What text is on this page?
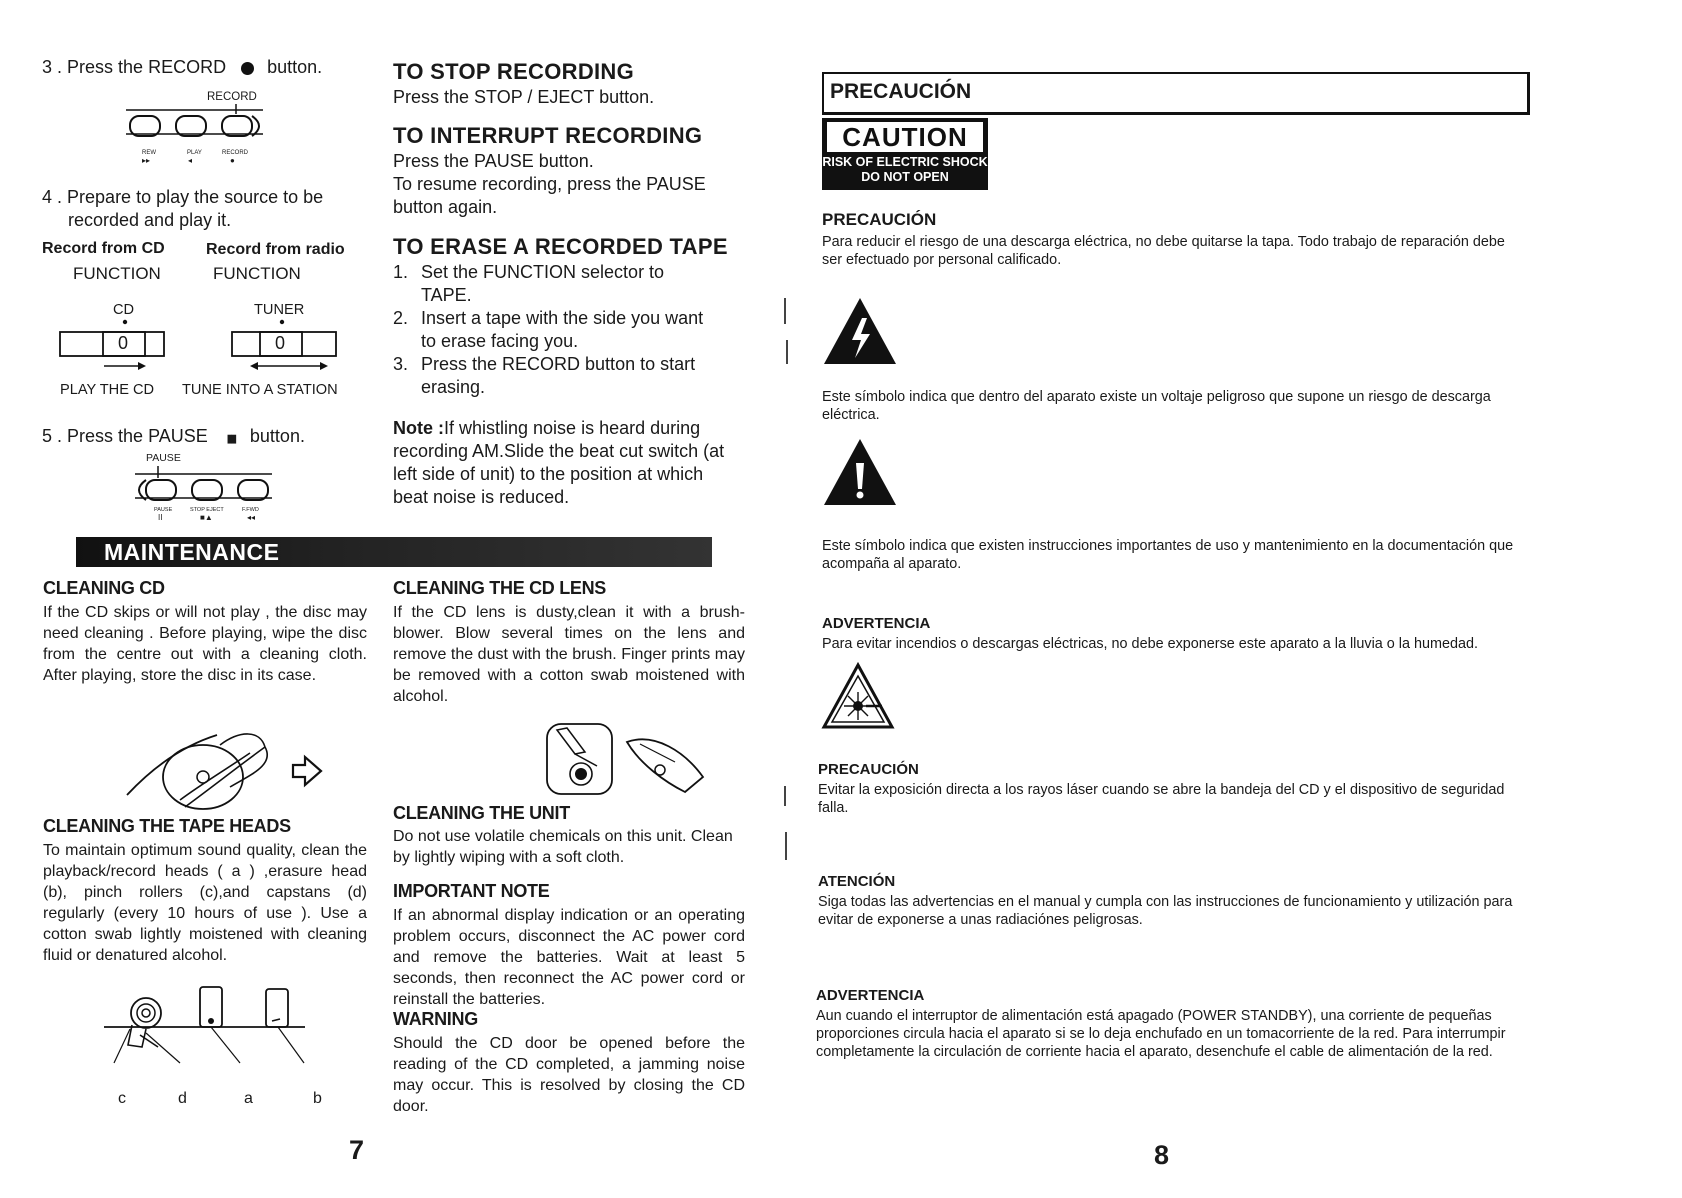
3 . Press the RECORD button.
RECORD
REW	PLAY	RECORD
▸▸	◂	●
4 . Prepare to play the source to be
recorded and play it.
Record from CD	Record from radio
FUNCTION	FUNCTION
CD	TUNER
0	0
PLAY THE CD TUNE INTO A STATION
5 . Press the PAUSE ▮▮ button.
PAUSE
PAUSE	STOP EJECT	F.FWD
II	■▲	◂◂
TO STOP RECORDING
Press the STOP / EJECT button.
TO INTERRUPT RECORDING
Press the PAUSE button.
To resume recording, press the PAUSE
button again.
TO ERASE A RECORDED TAPE
1. Set the FUNCTION selector to
TAPE.
2. Insert a tape with the side you want
to erase facing you.
3. Press the RECORD button to start
erasing.
Note :If whistling noise is heard during
recording AM.Slide the beat cut switch (at
left side of unit) to the position at which
beat noise is reduced.
MAINTENANCE
CLEANING CD
If the CD skips or will not play , the disc may need cleaning . Before playing, wipe the disc from the centre out with a cleaning cloth. After playing, store the disc in its case.
CLEANING THE TAPE HEADS
To maintain optimum sound quality, clean the playback/record heads ( a ) ,erasure head (b), pinch rollers (c),and capstans (d) regularly (every 10 hours of use ). Use a cotton swab lightly moistened with cleaning fluid or denatured alcohol.
c	d	a	b
7
CLEANING THE CD LENS
If the CD lens is dusty,clean it with a brush-blower. Blow several times on the lens and remove the dust with the brush. Finger prints may be removed with a cotton swab moistened with alcohol.
CLEANING THE UNIT
Do not use volatile chemicals on this unit. Clean by lightly wiping with a soft cloth.
IMPORTANT NOTE
If an abnormal display indication or an operating problem occurs, disconnect the AC power cord and remove the batteries. Wait at least 5 seconds, then reconnect the AC power cord or reinstall the batteries.
WARNING
Should the CD door be opened before the reading of the CD completed, a jamming noise may occur. This is resolved by closing the CD door.
PRECAUCIÓN
CAUTION
RISK OF ELECTRIC SHOCK
DO NOT OPEN
PRECAUCIÓN
Para reducir el riesgo de una descarga eléctrica, no debe quitarse la tapa. Todo trabajo de reparación debe ser efectuado por personal calificado.
Este símbolo indica que dentro del aparato existe un voltaje peligroso que supone un riesgo de descarga eléctrica.
Este símbolo indica que existen instrucciones importantes de uso y mantenimiento en la documentación que acompaña al aparato.
ADVERTENCIA
Para evitar incendios o descargas eléctricas, no debe exponerse este aparato a la lluvia o la humedad.
PRECAUCIÓN
Evitar la exposición directa a los rayos láser cuando se abre la bandeja del CD y el dispositivo de seguridad falla.
ATENCIÓN
Siga todas las advertencias en el manual y cumpla con las instrucciones de funcionamiento y utilización para evitar de exponerse a unas radiaciónes peligrosas.
ADVERTENCIA
Aun cuando el interruptor de alimentación está apagado (POWER STANDBY), una corriente de pequeñas proporciones circula hacia el aparato si se lo deja enchufado en un tomacorriente de la red. Para interrumpir completamente la circulación de corriente hacia el aparato, desenchufe el cable de alimentación de la red.
8
